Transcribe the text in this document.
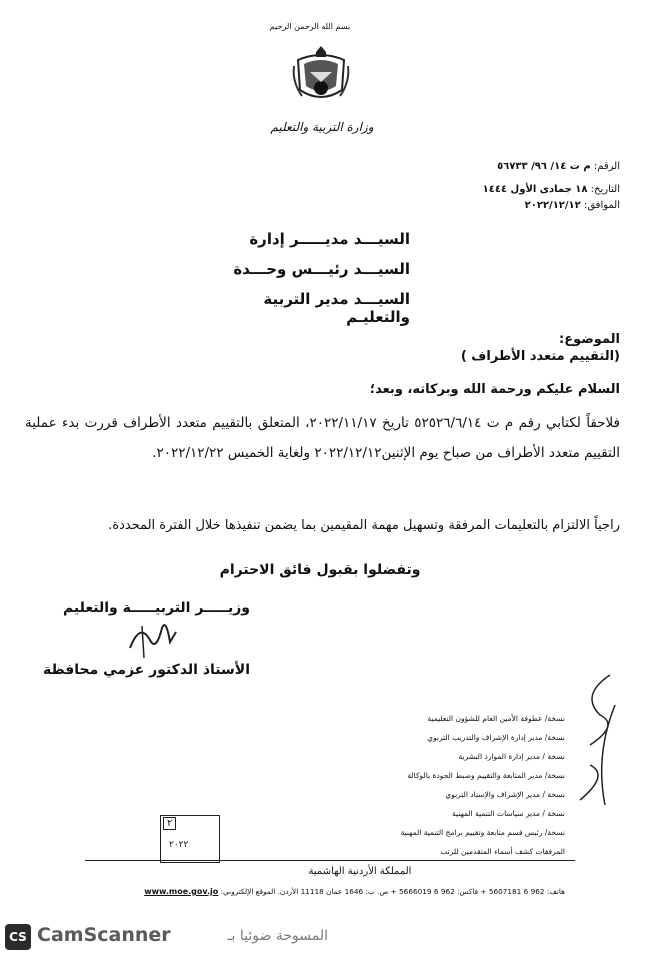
بسم الله الرحمن الرحيم
وزارة التربية والتعليم
الرقم: م ت ١٤/ ٩٦/ ٥٦٧٣٣
التاريخ: ١٨ جمادى الأول ١٤٤٤
الموافق: ٢٠٢٢/١٢/١٢
السيـــد مديـــــر إدارة
السيـــد رئيـــس وحـــدة
السيـــد مدير التربية والتعليـم
الموضوع:
(التقييم متعدد الأطراف )
السلام عليكم ورحمة الله وبركاته، وبعد؛
فلاحقاً لكتابي رقم م ت ٥٢٥٢٦/٦/١٤ تاريخ ٢٠٢٢/١١/١٧، المتعلق بالتقييم متعدد الأطراف قررت بدء عملية التقييم متعدد الأطراف من صباح يوم الإثنين٢٠٢٢/١٢/١٢ ولغاية الخميس ٢٠٢٢/١٢/٢٢.
راجياً الالتزام بالتعليمات المرفقة وتسهيل مهمة المقيمين بما يضمن تنفيذها خلال الفترة المحددة.
وتفضلوا بقبول فائق الاحترام
وزيـــــر التربيـــــة والتعليم
الأستاذ الدكتور عزمي محافظة
نسخة/ عطوفة الأمين العام للشؤون التعليمية
نسخة/ مدير إدارة الإشراف والتدريب التربوي
نسخة / مدير إدارة الموارد البشرية
نسخة/ مدير المتابعة والتقييم وضبط الجودة بالوكالة
نسخة / مدير الإشراف والإسناد التربوي
نسخة / مدير سياسات التنمية المهنية
نسخة/ رئيس قسم متابعة وتقييم برامج التنمية المهنية
المرفقات كشف أسماء المتقدمين للرتب
٢
٢٠٢٢
المملكة الأردنية الهاشمية
هاتف: 962 6 5607181 + فاكس: 962 6 5666019 + ص. ب: 1646 عمان 11118 الأردن. الموقع الإلكتروني: www.moe.gov.jo
CS CamScanner	المسوحة ضوئيا بـ
